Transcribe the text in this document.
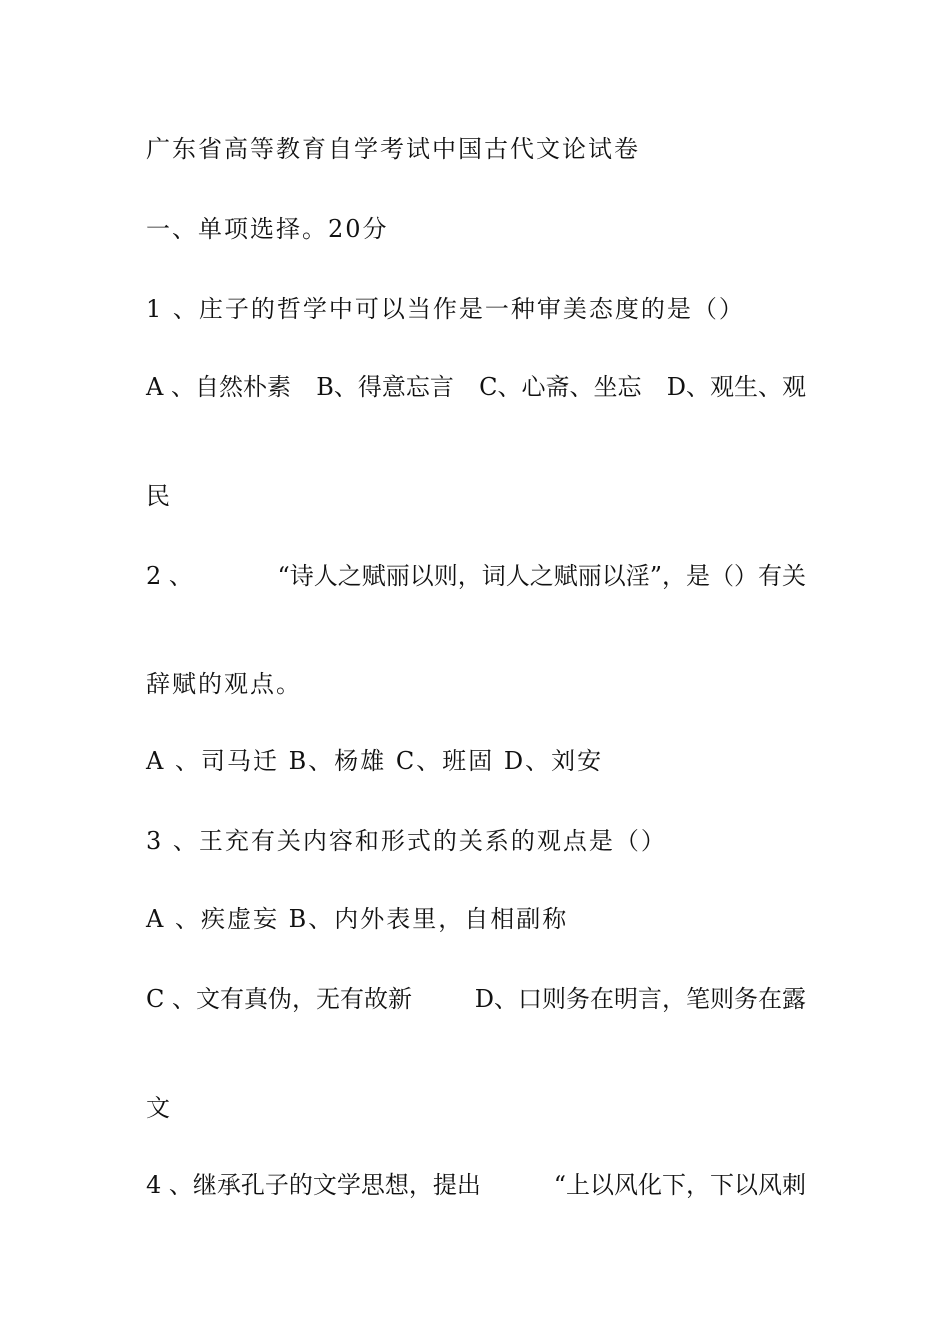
广东省高等教育自学考试中国古代文论试卷
一、单项选择。20分
1 、庄子的哲学中可以当作是一种审美态度的是（）
A 、自然朴素 B、得意忘言 C、心斋、坐忘 D、观生、观
民
2 、	“诗人之赋丽以则，词人之赋丽以淫”，是（）有关
辞赋的观点。
A 、司马迁 B、杨雄 C、班固 D、刘安
3 、王充有关内容和形式的关系的观点是（）
A 、疾虚妄 B、内外表里，自相副称
C 、文有真伪，无有故新	D、口则务在明言，笔则务在露
文
4 、继承孔子的文学思想，提出	“上以风化下，下以风刺
